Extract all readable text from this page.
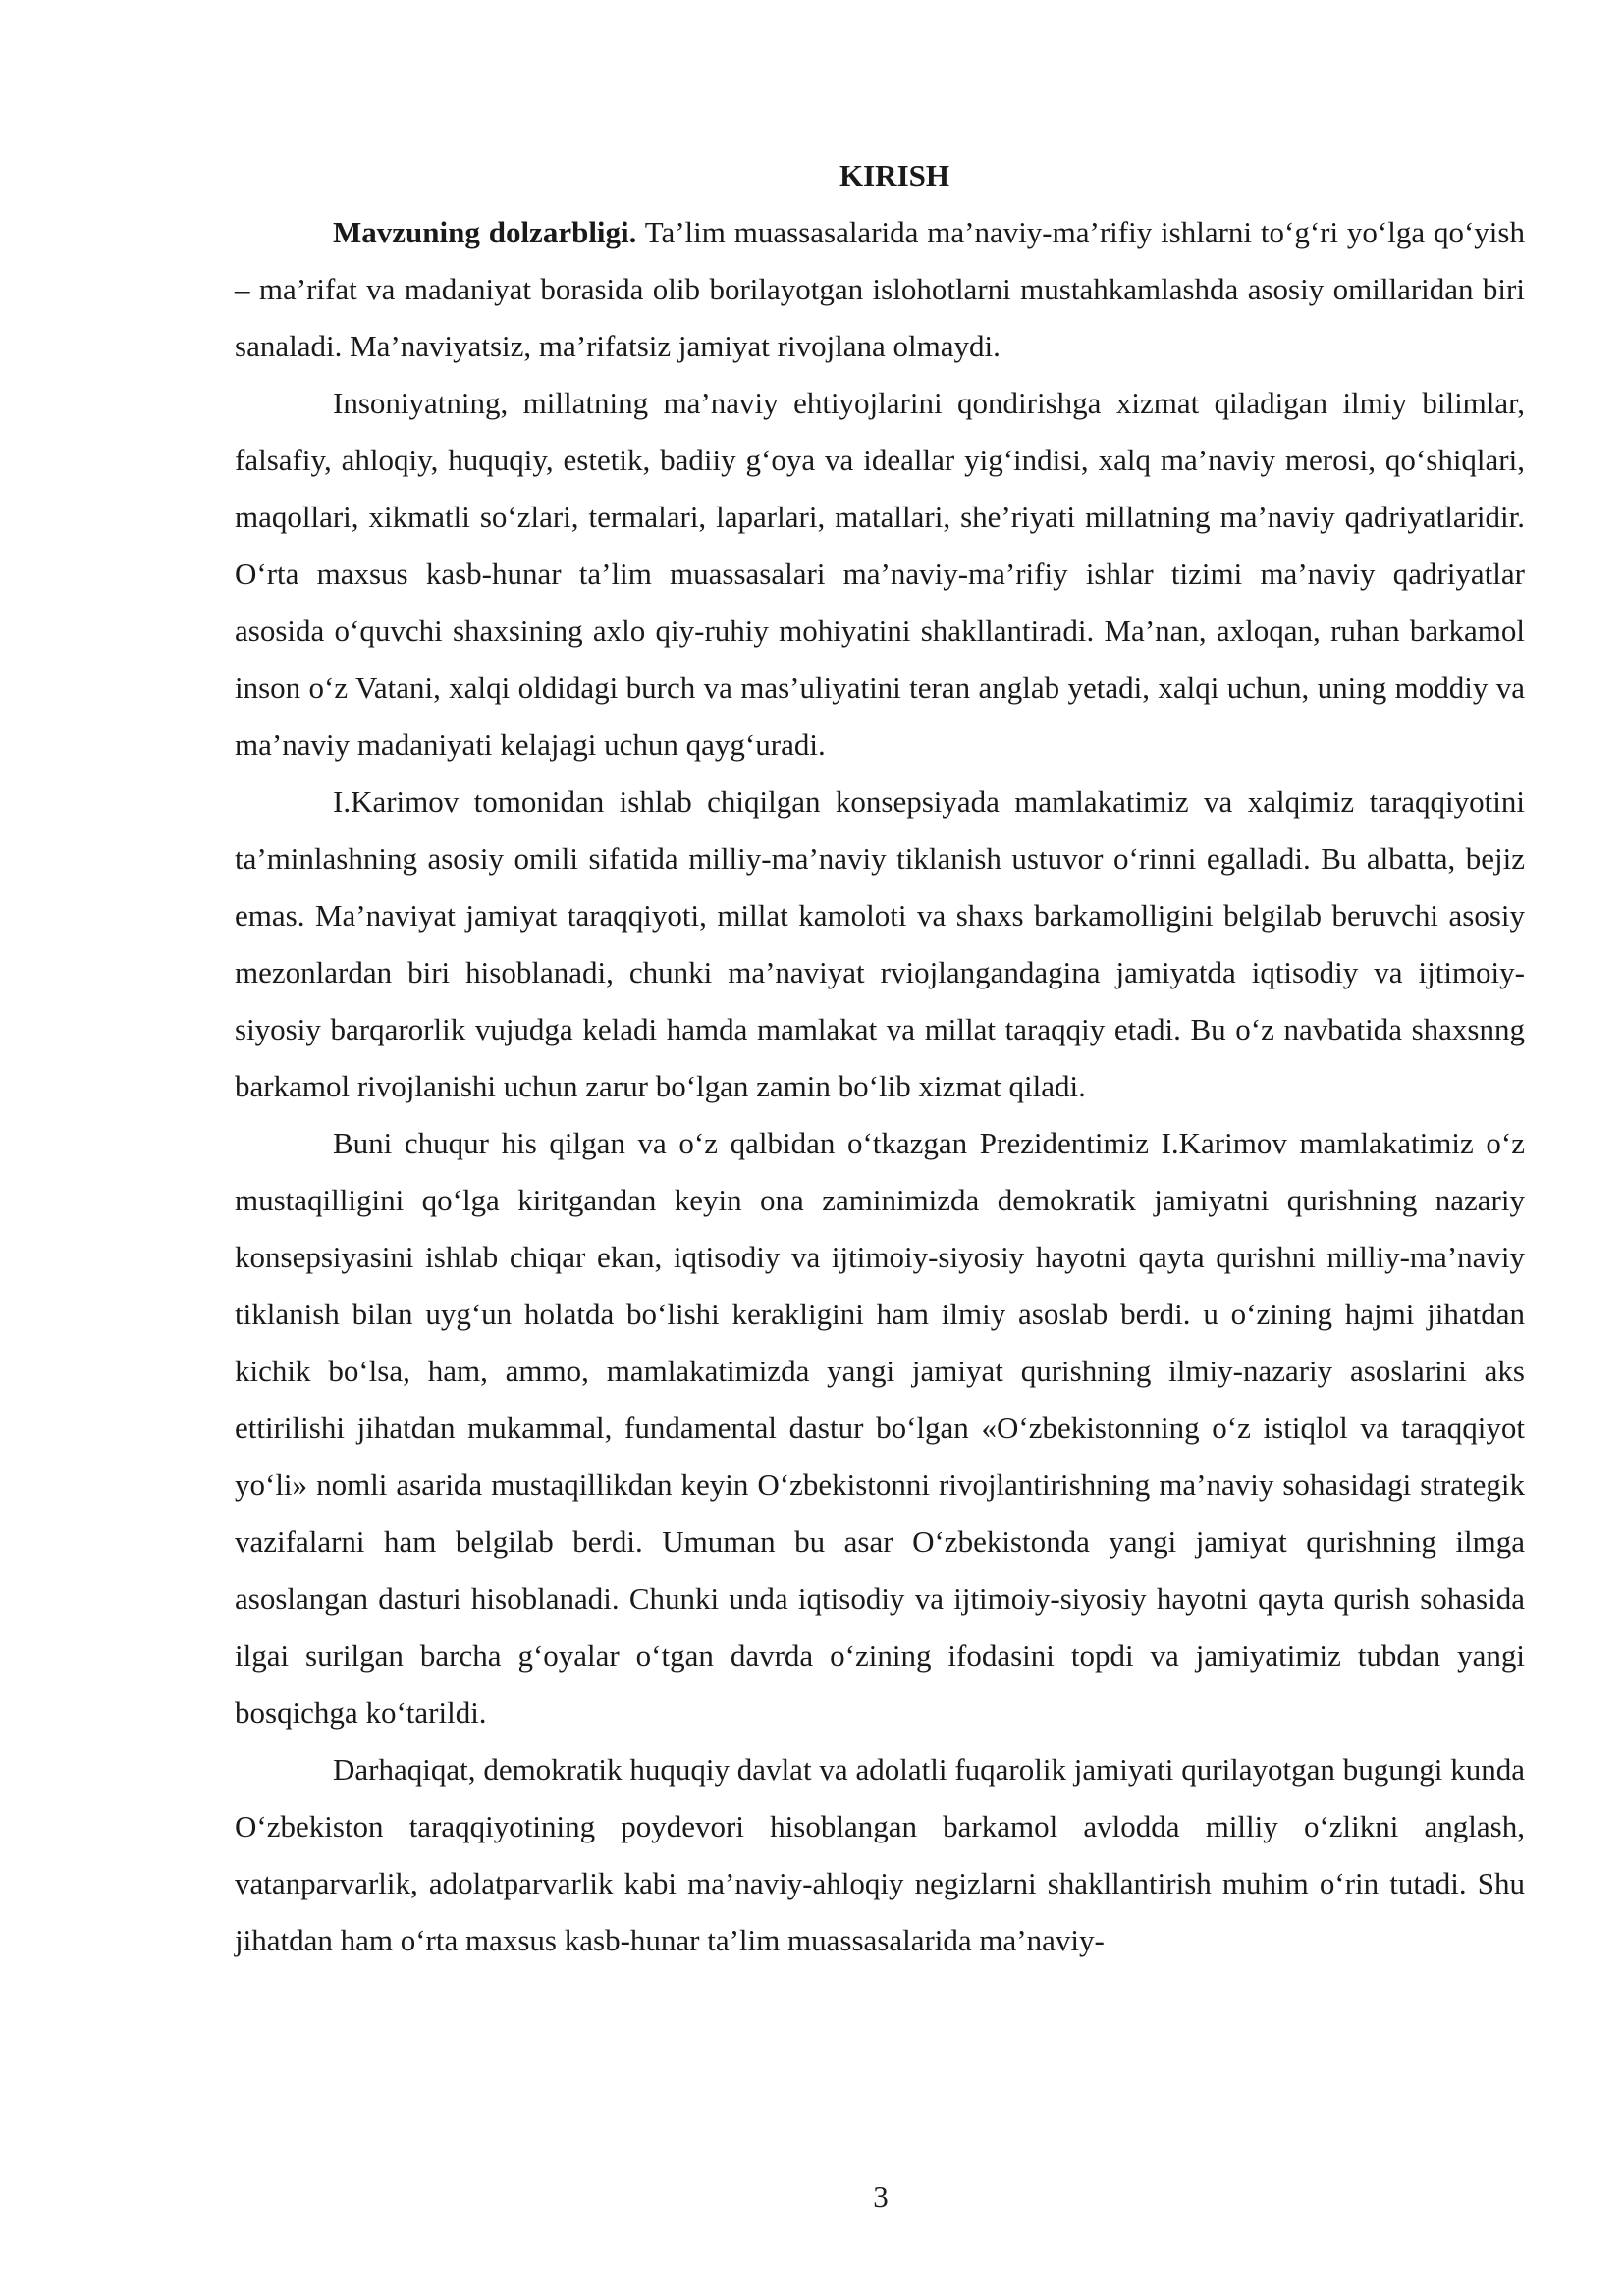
KIRISH

Mavzuning dolzarbligi. Ta’lim muassasalarida ma’naviy-ma’rifiy ishlarni to‘g‘ri yo‘lga qo‘yish – ma’rifat va madaniyat borasida olib borilayotgan islohotlarni mustahkamlashda asosiy omillaridan biri sanaladi. Ma’naviyatsiz, ma’rifatsiz jamiyat rivojlana olmaydi.

Insoniyatning, millatning ma’naviy ehtiyojlarini qondirishga xizmat qiladigan ilmiy bilimlar, falsafiy, ahloqiy, huquqiy, estetik, badiiy g‘oya va ideallar yig‘indisi, xalq ma’naviy merosi, qo‘shiqlari, maqollari, xikmatli so‘zlari, termalari, laparlari, matallari, she’riyati millatning ma’naviy qadriyatlaridir. O‘rta maxsus kasb-hunar ta’lim muassasalari ma’naviy-ma’rifiy ishlar tizimi ma’naviy qadriyatlar asosida o‘quvchi shaxsining axlo qiy-ruhiy mohiyatini shakllantiradi. Ma’nan, axloqan, ruhan barkamol inson o‘z Vatani, xalqi oldidagi burch va mas’uliyatini teran anglab yetadi, xalqi uchun, uning moddiy va ma’naviy madaniyati kelajagi uchun qayg‘uradi.

I.Karimov tomonidan ishlab chiqilgan konsepsiyada mamlakatimiz va xalqimiz taraqqiyotini ta’minlashning asosiy omili sifatida milliy-ma’naviy tiklanish ustuvor o‘rinni egalladi. Bu albatta, bejiz emas. Ma’naviyat jamiyat taraqqiyoti, millat kamoloti va shaxs barkamolligini belgilab beruvchi asosiy mezonlardan biri hisoblanadi, chunki ma’naviyat rviojlangandagina jamiyatda iqtisodiy va ijtimoiy-siyosiy barqarorlik vujudga keladi hamda mamlakat va millat taraqqiy etadi. Bu o‘z navbatida shaxsnng barkamol rivojlanishi uchun zarur bo‘lgan zamin bo‘lib xizmat qiladi.

Buni chuqur his qilgan va o‘z qalbidan o‘tkazgan Prezidentimiz I.Karimov mamlakatimiz o‘z mustaqilligini qo‘lga kiritgandan keyin ona zaminimizda demokratik jamiyatni qurishning nazariy konsepsiyasini ishlab chiqar ekan, iqtisodiy va ijtimoiy-siyosiy hayotni qayta qurishni milliy-ma’naviy tiklanish bilan uyg‘un holatda bo‘lishi kerakligini ham ilmiy asoslab berdi. u o‘zining hajmi jihatdan kichik bo‘lsa, ham, ammo, mamlakatimizda yangi jamiyat qurishning ilmiy-nazariy asoslarini aks ettirilishi jihatdan mukammal, fundamental dastur bo‘lgan «O‘zbekistonning o‘z istiqlol va taraqqiyot yo‘li» nomli asarida mustaqillikdan keyin O‘zbekistonni rivojlantirishning ma’naviy sohasidagi strategik vazifalarni ham belgilab berdi. Umuman bu asar O‘zbekistonda yangi jamiyat qurishning ilmga asoslangan dasturi hisoblanadi. Chunki unda iqtisodiy va ijtimoiy-siyosiy hayotni qayta qurish sohasida ilgai surilgan barcha g‘oyalar o‘tgan davrda o‘zining ifodasini topdi va jamiyatimiz tubdan yangi bosqichga ko‘tarildi.

Darhaqiqat, demokratik huquqiy davlat va adolatli fuqarolik jamiyati qurilayotgan bugungi kunda O‘zbekiston taraqqiyotining poydevori hisoblangan barkamol avlodda milliy o‘zlikni anglash, vatanparvarlik, adolatparvarlik kabi ma’naviy-ahloqiy negizlarni shakllantirish muhim o‘rin tutadi. Shu jihatdan ham o‘rta maxsus kasb-hunar ta’lim muassasalarida ma’naviy-

3
